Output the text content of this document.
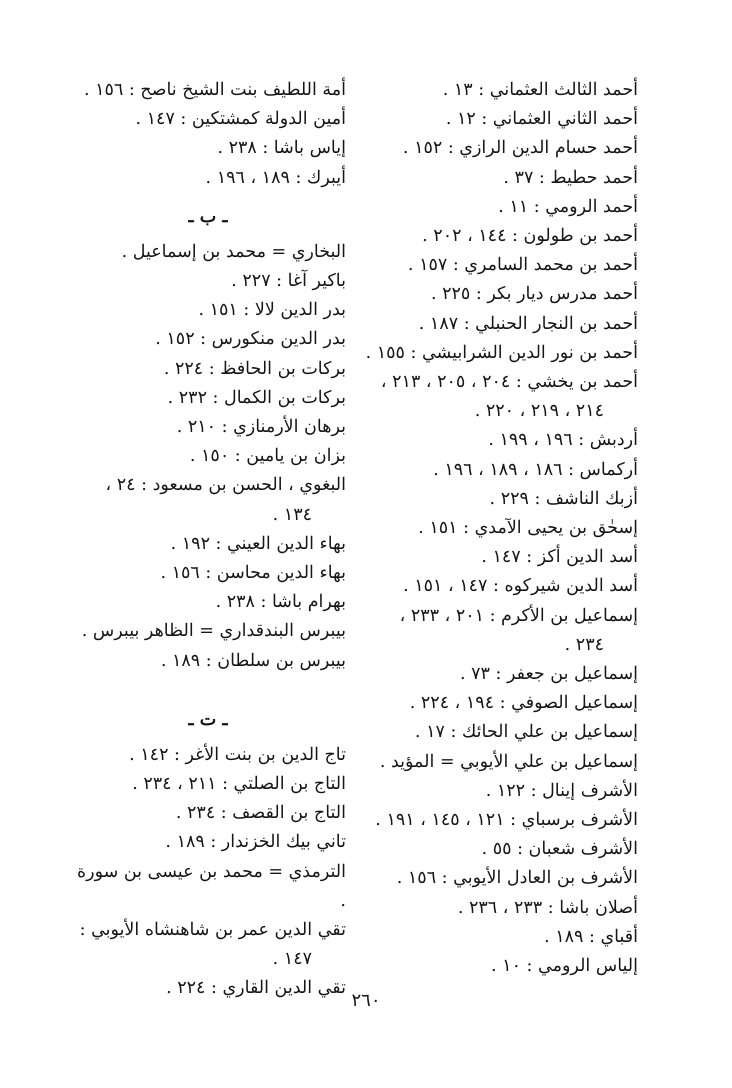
أحمد الثالث العثماني : ١٣ .
أحمد الثاني العثماني : ١٢ .
أحمد حسام الدين الرازي : ١٥٢ .
أحمد حطيط : ٣٧ .
أحمد الرومي : ١١ .
أحمد بن طولون : ١٤٤ ، ٢٠٢ .
أحمد بن محمد السامري : ١٥٧ .
أحمد مدرس ديار بكر : ٢٢٥ .
أحمد بن النجار الحنبلي : ١٨٧ .
أحمد بن نور الدين الشرابيشي : ١٥٥ .
أحمد بن يخشي : ٢٠٤ ، ٢٠٥ ، ٢١٣ ،
٢١٤ ، ٢١٩ ، ٢٢٠ .
أردبش : ١٩٦ ، ١٩٩ .
أركماس : ١٨٦ ، ١٨٩ ، ١٩٦ .
أزبك الناشف : ٢٢٩ .
إسحٰق بن يحيى الآمدي : ١٥١ .
أسد الدين أكز : ١٤٧ .
أسد الدين شيركوه : ١٤٧ ، ١٥١ .
إسماعيل بن الأكرم : ٢٠١ ، ٢٣٣ ،
٢٣٤ .
إسماعيل بن جعفر : ٧٣ .
إسماعيل الصوفي : ١٩٤ ، ٢٢٤ .
إسماعيل بن علي الحائك : ١٧ .
إسماعيل بن علي الأيوبي = المؤيد .
الأشرف إينال : ١٢٢ .
الأشرف برسباي : ١٢١ ، ١٤٥ ، ١٩١ .
الأشرف شعبان : ٥٥ .
الأشرف بن العادل الأيوبي : ١٥٦ .
أصلان باشا : ٢٣٣ ، ٢٣٦ .
أقباي : ١٨٩ .
إلياس الرومي : ١٠ .
أمة اللطيف بنت الشيخ ناصح : ١٥٦ .
أمين الدولة كمشتكين : ١٤٧ .
إياس باشا : ٢٣٨ .
أيبرك : ١٨٩ ، ١٩٦ .
ـ ب ـ
البخاري = محمد بن إسماعيل .
باكير آغا : ٢٢٧ .
بدر الدين لالا : ١٥١ .
بدر الدين منكورس : ١٥٢ .
بركات بن الحافظ : ٢٢٤ .
بركات بن الكمال : ٢٣٢ .
برهان الأرمنازي : ٢١٠ .
بزان بن يامين : ١٥٠ .
البغوي ، الحسن بن مسعود : ٢٤ ،
١٣٤ .
بهاء الدين العيني : ١٩٢ .
بهاء الدين محاسن : ١٥٦ .
بهرام باشا : ٢٣٨ .
بيبرس البندقداري = الظاهر بيبرس .
بيبرس بن سلطان : ١٨٩ .
ـ ت ـ
تاج الدين بن بنت الأغر : ١٤٢ .
التاج بن الصلتي : ٢١١ ، ٢٣٤ .
التاج بن القصف : ٢٣٤ .
تاني بيك الخزندار : ١٨٩ .
الترمذي = محمد بن عيسى بن سورة .
تقي الدين عمر بن شاهنشاه الأيوبي :
١٤٧ .
تقي الدين القاري : ٢٢٤ .
٢٦٠
